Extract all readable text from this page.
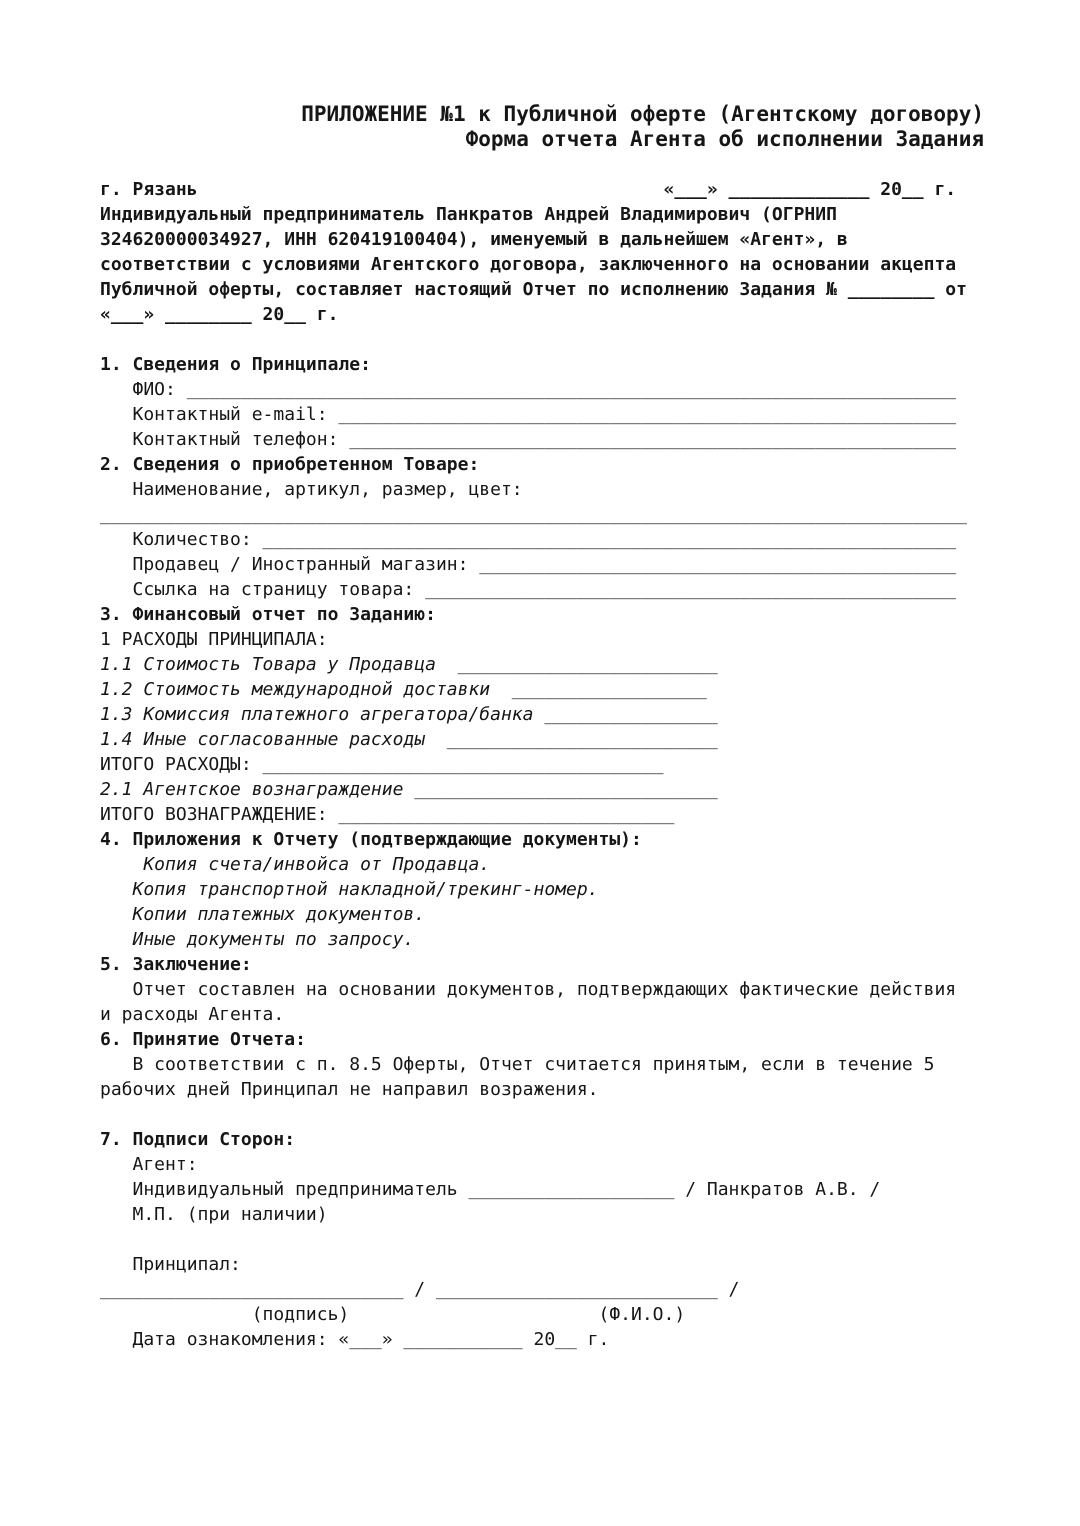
ПРИЛОЖЕНИЕ №1 к Публичной оферте (Агентскому договору)
Форма отчета Агента об исполнении Задания
г. Рязань                                           «___» _____________ 20__ г.
Индивидуальный предприниматель Панкратов Андрей Владимирович (ОГРНИП
324620000034927, ИНН 620419100404), именуемый в дальнейшем «Агент», в
соответствии с условиями Агентского договора, заключенного на основании акцепта
Публичной оферты, составляет настоящий Отчет по исполнению Задания № ________ от
«___» ________ 20__ г.
1. Сведения о Принципале:
ФИО: _______________________________________________________________________
Контактный e-mail: _________________________________________________________
Контактный телефон: ________________________________________________________
2. Сведения о приобретенном Товаре:
Наименование, артикул, размер, цвет:
________________________________________________________________________________
Количество: ________________________________________________________________
Продавец / Иностранный магазин: ____________________________________________
Ссылка на страницу товара: _________________________________________________
3. Финансовый отчет по Заданию:
1 РАСХОДЫ ПРИНЦИПАЛА:
1.1 Стоимость Товара у Продавца  ________________________
1.2 Стоимость международной доставки  __________________
1.3 Комиссия платежного агрегатора/банка ________________
1.4 Иные согласованные расходы  _________________________
ИТОГО РАСХОДЫ: _____________________________________
2.1 Агентское вознаграждение ____________________________
ИТОГО ВОЗНАГРАЖДЕНИЕ: _______________________________
4. Приложения к Отчету (подтверждающие документы):
Копия счета/инвойса от Продавца.
Копия транспортной накладной/трекинг-номер.
Копии платежных документов.
Иные документы по запросу.
5. Заключение:
Отчет составлен на основании документов, подтверждающих фактические действия
и расходы Агента.
6. Принятие Отчета:
В соответствии с п. 8.5 Оферты, Отчет считается принятым, если в течение 5
рабочих дней Принципал не направил возражения.
7. Подписи Сторон:
Агент:
Индивидуальный предприниматель ___________________ / Панкратов А.В. /
М.П. (при наличии)
Принципал:
____________________________ / __________________________ /
(подпись)                       (Ф.И.О.)
Дата ознакомления: «___» ___________ 20__ г.
